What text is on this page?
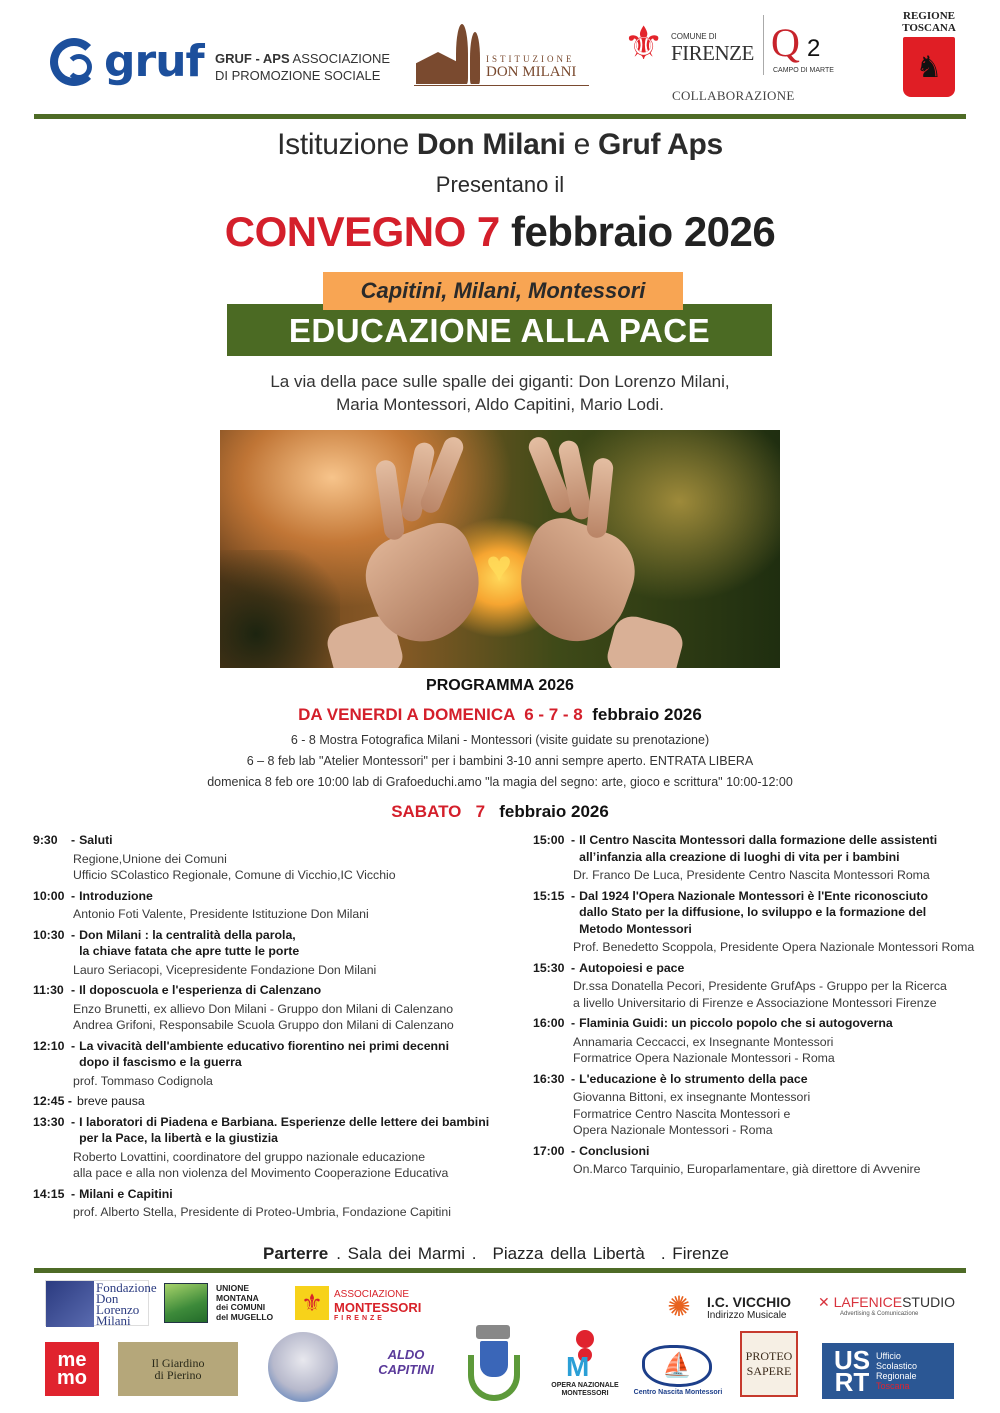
gruf GRUF - APS ASSOCIAZIONE
DI PROMOZIONE SOCIALE
ISTITUZIONE
DON MILANI
⚜ COMUNE DI
FIRENZE Q 2
CAMPO DI MARTE
COLLABORAZIONE
REGIONE
TOSCANA
♞
Istituzione Don Milani e Gruf Aps
Presentano il
CONVEGNO 7 febbraio 2026
EDUCAZIONE ALLA PACE
Capitini, Milani, Montessori
La via della pace sulle spalle dei giganti: Don Lorenzo Milani,
Maria Montessori, Aldo Capitini, Mario Lodi.
♥
PROGRAMMA 2026
DA VENERDI A DOMENICA  6 - 7 - 8  febbraio 2026
6 - 8 Mostra Fotografica Milani - Montessori (visite guidate su prenotazione)
6 – 8 feb lab "Atelier Montessori" per i bambini 3-10 anni sempre aperto. ENTRATA LIBERA
domenica 8 feb ore 10:00 lab di Grafoeduchi.amo "la magia del segno: arte, gioco e scrittura" 10:00-12:00
SABATO   7   febbraio 2026
9:30	- Saluti
Regione,Unione dei Comuni
Ufficio SColastico Regionale, Comune di Vicchio,IC Vicchio
10:00 - Introduzione
Antonio Foti Valente, Presidente Istituzione Don Milani
10:30 - Don Milani : la centralità della parola,
la chiave fatata che apre tutte le porte
Lauro Seriacopi, Vicepresidente Fondazione Don Milani
11:30 - Il doposcuola e l'esperienza di Calenzano
Enzo Brunetti, ex allievo Don Milani - Gruppo don Milani di Calenzano
Andrea Grifoni, Responsabile Scuola Gruppo don Milani di Calenzano
12:10 - La vivacità dell'ambiente educativo fiorentino nei primi decenni
dopo il fascismo e la guerra
prof. Tommaso Codignola
12:45 - breve pausa
13:30 - I laboratori di Piadena e Barbiana. Esperienze delle lettere dei bambini
per la Pace, la libertà e la giustizia
Roberto Lovattini, coordinatore del gruppo nazionale educazione
alla pace e alla non violenza del Movimento Cooperazione Educativa
14:15 - Milani e Capitini
prof. Alberto Stella, Presidente di Proteo-Umbria, Fondazione Capitini
15:00 - Il Centro Nascita Montessori dalla formazione delle assistenti
all’infanzia alla creazione di luoghi di vita per i bambini
Dr. Franco De Luca, Presidente Centro Nascita Montessori Roma
15:15 - Dal 1924 l'Opera Nazionale Montessori è l'Ente riconosciuto
dallo Stato per la diffusione, lo sviluppo e la formazione del
Metodo Montessori
Prof. Benedetto Scoppola, Presidente Opera Nazionale Montessori Roma
15:30 - Autopoiesi e pace
Dr.ssa Donatella Pecori, Presidente GrufAps - Gruppo per la Ricerca
a livello Universitario di Firenze e Associazione Montessori Firenze
16:00 - Flaminia Guidi: un piccolo popolo che si autogoverna
Annamaria Ceccacci, ex Insegnante Montessori
Formatrice Opera Nazionale Montessori - Roma
16:30 - L'educazione è lo strumento della pace
Giovanna Bittoni, ex insegnante Montessori
Formatrice Centro Nascita Montessori e
Opera Nazionale Montessori - Roma
17:00 - Conclusioni
On.Marco Tarquinio, Europarlamentare, già direttore di Avvenire
Parterre . Sala dei Marmi . Piazza della Libertà . Firenze
Fondazione
Don
Lorenzo
Milani
UNIONE
MONTANA
dei COMUNI
del MUGELLO ⚜	ASSOCIAZIONE
MONTESSORI
FIRENZE	✺	I.C. VICCHIO
Indirizzo Musicale
✕ LAFENICESTUDIO
Advertising & Comunicazione
me
mo
Il Giardino
di Pierino
ALDO
CAPITINI	M
OPERA NAZIONALE
MONTESSORI
⛵
Centro Nascita Montessori
PROTEO
SAPERE US
RT
Ufficio
Scolastico
Regionale
Toscana
